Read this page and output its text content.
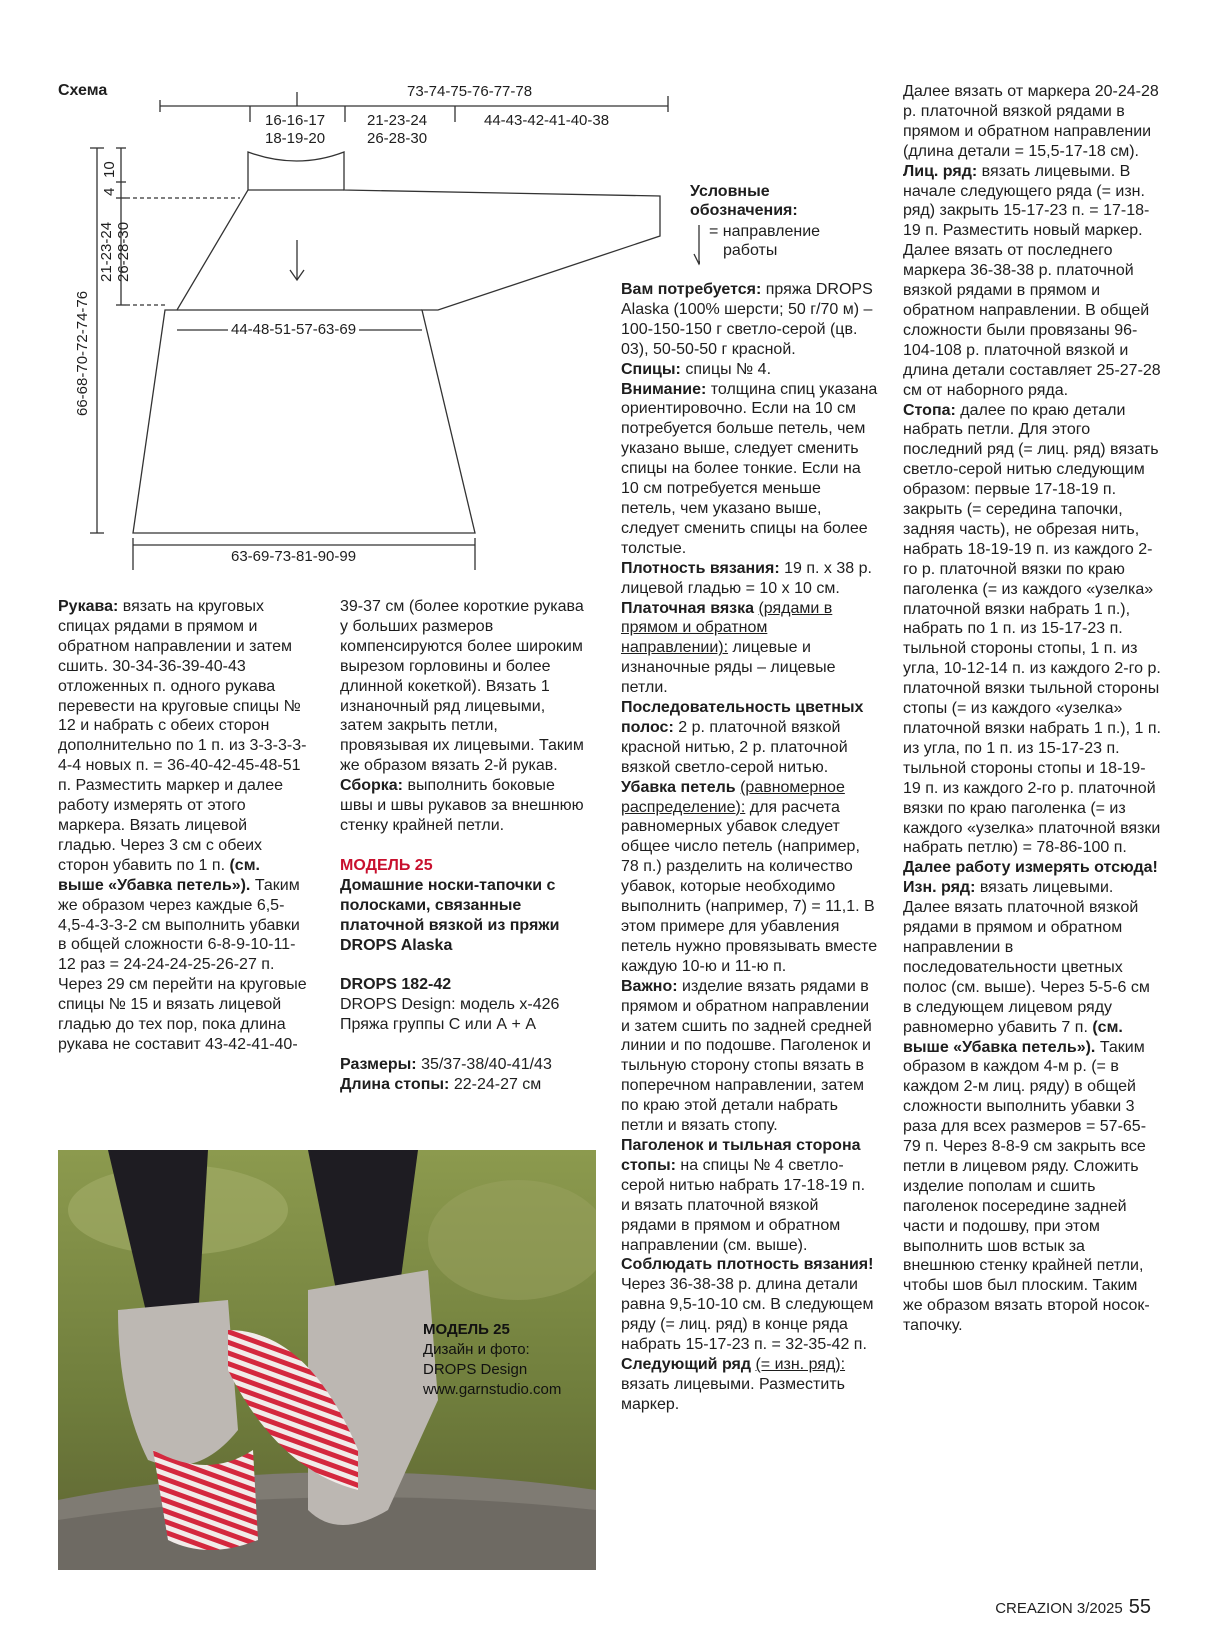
Схема	73-74-75-76-77-78
16-16-17
18-19-20
21-23-24
26-28-30
44-43-42-41-40-38
44-48-51-57-63-69
63-69-73-81-90-99
10
4
21-23-24 26-28-30
66-68-70-72-74-76
Условные
обозначения:
= направление
работы

Рукава: вязать на круговых спицах рядами в прямом и обратном направлении и затем сшить. 30-34-36-39-40-43 отложенных п. одного рукава перевести на круговые спицы № 12 и набрать с обеих сторон дополнительно по 1 п. из 3-3-3-3-4-4 новых п. = 36-40-42-45-48-51 п. Разместить маркер и далее работу измерять от этого маркера. Вязать лицевой гладью. Через 3 см с обеих сторон убавить по 1 п. (см. выше «Убавка петель»). Таким же образом через каждые 6,5-4,5-4-3-3-2 см выполнить убавки в общей сложности 6-8-9-10-11-12 раз = 24-24-24-25-26-27 п. Через 29 см перейти на круговые спицы № 15 и вязать лицевой гладью до тех пор, пока длина рукава не составит 43-42-41-40-

39-37 см (более короткие рукава у больших размеров компенсируются более широким вырезом горловины и более длинной кокеткой). Вязать 1 изнаночный ряд лицевыми, затем закрыть петли, провязывая их лицевыми. Таким же образом вязать 2-й рукав.

Сборка: выполнить боковые швы и швы рукавов за внешнюю стенку крайней петли.

МОДЕЛЬ 25

Домашние носки-тапочки с полосками, связанные платочной вязкой из пряжи DROPS Alaska

DROPS 182-42

DROPS Design: модель x-426

Пряжа группы С или А + А

Размеры: 35/37-38/40-41/43

Длина стопы: 22-24-27 см

МОДЕЛЬ 25
Дизайн и фото:
DROPS Design
www.garnstudio.com

Вам потребуется: пряжа DROPS Alaska (100% шерсти; 50 г/70 м) – 100-150-150 г светло-серой (цв. 03), 50-50-50 г красной.

Спицы: спицы № 4.

Внимание: толщина спиц указана ориентировочно. Если на 10 см потребуется больше петель, чем указано выше, следует сменить спицы на более тонкие. Если на 10 см потребуется меньше петель, чем указано выше, следует сменить спицы на более толстые.

Плотность вязания: 19 п. х 38 р. лицевой гладью = 10 х 10 см.

Платочная вязка (рядами в прямом и обратном направлении): лицевые и изнаночные ряды – лицевые петли.

Последовательность цветных полос: 2 р. платочной вязкой красной нитью, 2 р. платочной вязкой светло-серой нитью.

Убавка петель (равномерное распределение): для расчета равномерных убавок следует общее число петель (например, 78 п.) разделить на количество убавок, которые необходимо выполнить (например, 7) = 11,1. В этом примере для убавления петель нужно провязывать вместе каждую 10-ю и 11-ю п.

Важно: изделие вязать рядами в прямом и обратном направлении и затем сшить по задней средней линии и по подошве. Паголенок и тыльную сторону стопы вязать в поперечном направлении, затем по краю этой детали набрать петли и вязать стопу.

Паголенок и тыльная сторона стопы: на спицы № 4 светло-серой нитью набрать 17-18-19 п. и вязать платочной вязкой рядами в прямом и обратном направлении (см. выше). Соблюдать плотность вязания! Через 36-38-38 р. длина детали равна 9,5-10-10 см. В следующем ряду (= лиц. ряд) в конце ряда набрать 15-17-23 п. = 32-35-42 п.

Следующий ряд (= изн. ряд): вязать лицевыми. Разместить маркер.

Далее вязать от маркера 20-24-28 р. платочной вязкой рядами в прямом и обратном направлении (длина детали = 15,5-17-18 см).

Лиц. ряд: вязать лицевыми. В начале следующего ряда (= изн. ряд) закрыть 15-17-23 п. = 17-18-19 п. Разместить новый маркер. Далее вязать от последнего маркера 36-38-38 р. платочной вязкой рядами в прямом и обратном направлении. В общей сложности были провязаны 96-104-108 р. платочной вязкой и длина детали составляет 25-27-28 см от наборного ряда.

Стопа: далее по краю детали набрать петли. Для этого последний ряд (= лиц. ряд) вязать светло-серой нитью следующим образом: первые 17-18-19 п. закрыть (= середина тапочки, задняя часть), не обрезая нить, набрать 18-19-19 п. из каждого 2-го р. платочной вязки по краю паголенка (= из каждого «узелка» платочной вязки набрать 1 п.), набрать по 1 п. из 15-17-23 п. тыльной стороны стопы, 1 п. из угла, 10-12-14 п. из каждого 2-го р. платочной вязки тыльной стороны стопы (= из каждого «узелка» платочной вязки набрать 1 п.), 1 п. из угла, по 1 п. из 15-17-23 п. тыльной стороны стопы и 18-19-19 п. из каждого 2-го р. платочной вязки по краю паголенка (= из каждого «узелка» платочной вязки набрать петлю) = 78-86-100 п. Далее работу измерять отсюда!

Изн. ряд: вязать лицевыми. Далее вязать платочной вязкой рядами в прямом и обратном направлении в последовательности цветных полос (см. выше). Через 5-5-6 см в следующем лицевом ряду равномерно убавить 7 п. (см. выше «Убавка петель»). Таким образом в каждом 4-м р. (= в каждом 2-м лиц. ряду) в общей сложности выполнить убавки 3 раза для всех размеров = 57-65-79 п. Через 8-8-9 см закрыть все петли в лицевом ряду. Сложить изделие пополам и сшить паголенок посередине задней части и подошву, при этом выполнить шов встык за внешнюю стенку крайней петли, чтобы шов был плоским. Таким же образом вязать второй носок-тапочку.

CREAZION 3/2025 55
